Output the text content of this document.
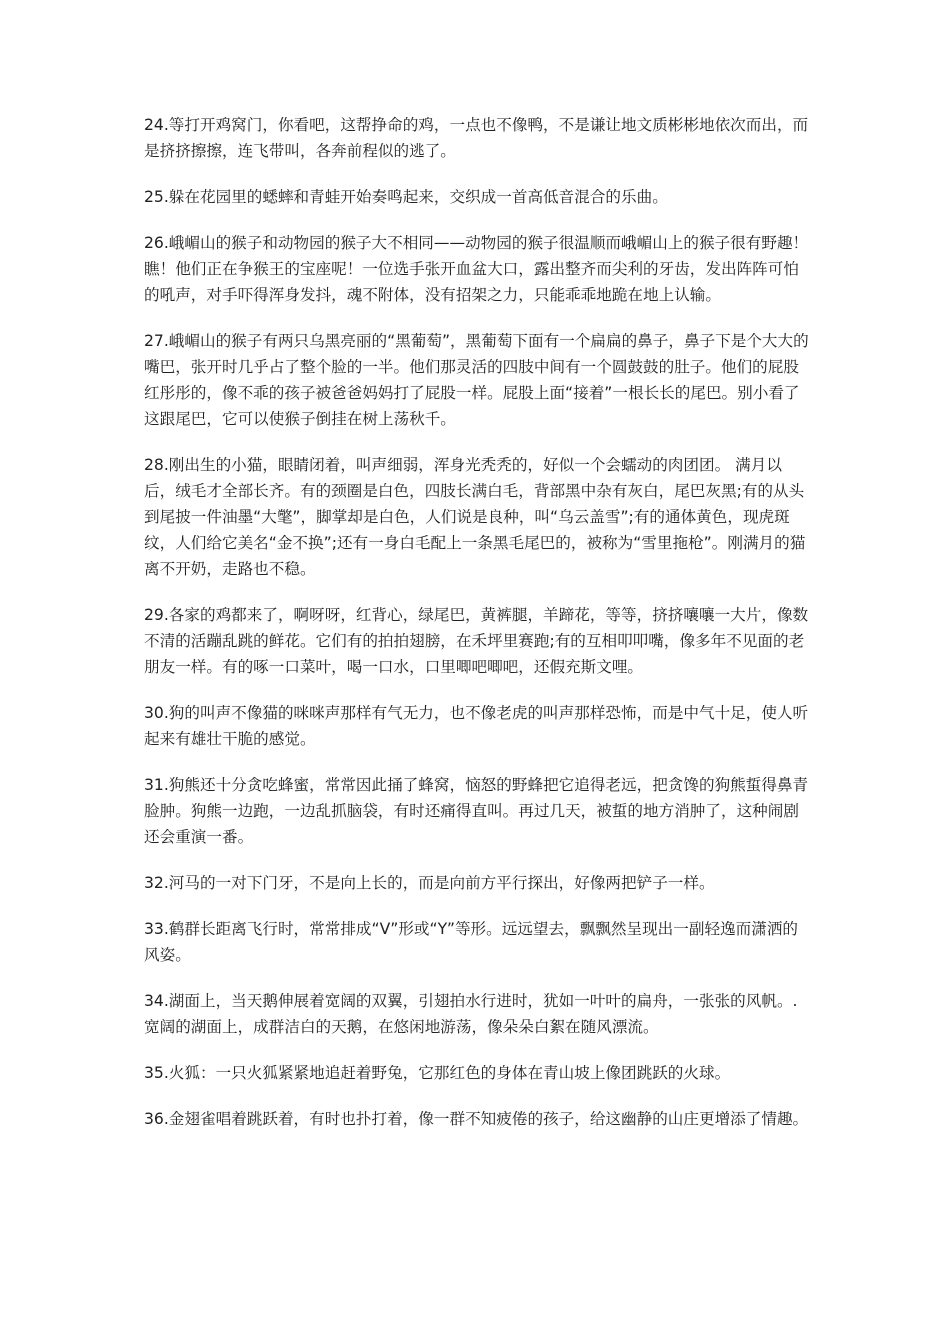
24.等打开鸡窝门，你看吧，这帮挣命的鸡，一点也不像鸭，不是谦让地文质彬彬地依次而出，而是挤挤擦擦，连飞带叫，各奔前程似的逃了。

25.躲在花园里的蟋蟀和青蛙开始奏鸣起来，交织成一首高低音混合的乐曲。

26.峨嵋山的猴子和动物园的猴子大不相同——动物园的猴子很温顺而峨嵋山上的猴子很有野趣！瞧！他们正在争猴王的宝座呢！一位选手张开血盆大口，露出整齐而尖利的牙齿，发出阵阵可怕的吼声，对手吓得浑身发抖，魂不附体，没有招架之力，只能乖乖地跪在地上认输。

27.峨嵋山的猴子有两只乌黑亮丽的“黑葡萄”，黑葡萄下面有一个扁扁的鼻子，鼻子下是个大大的嘴巴，张开时几乎占了整个脸的一半。他们那灵活的四肢中间有一个圆鼓鼓的肚子。他们的屁股红彤彤的，像不乖的孩子被爸爸妈妈打了屁股一样。屁股上面“接着”一根长长的尾巴。别小看了这跟尾巴，它可以使猴子倒挂在树上荡秋千。

28.刚出生的小猫，眼睛闭着，叫声细弱，浑身光秃秃的，好似一个会蠕动的肉团团。 满月以后，绒毛才全部长齐。有的颈圈是白色，四肢长满白毛，背部黑中杂有灰白，尾巴灰黑;有的从头到尾披一件油墨“大氅”，脚掌却是白色，人们说是良种，叫“乌云盖雪”;有的通体黄色，现虎斑纹，人们给它美名“金不换”;还有一身白毛配上一条黑毛尾巴的，被称为“雪里拖枪”。刚满月的猫离不开奶，走路也不稳。

29.各家的鸡都来了，啊呀呀，红背心，绿尾巴，黄裤腿，羊蹄花，等等，挤挤嚷嚷一大片，像数不清的活蹦乱跳的鲜花。它们有的拍拍翅膀，在禾坪里赛跑;有的互相叩叩嘴，像多年不见面的老朋友一样。有的啄一口菜叶，喝一口水，口里唧吧唧吧，还假充斯文哩。

30.狗的叫声不像猫的咪咪声那样有气无力，也不像老虎的叫声那样恐怖，而是中气十足，使人听起来有雄壮干脆的感觉。

31.狗熊还十分贪吃蜂蜜，常常因此捅了蜂窝，恼怒的野蜂把它追得老远，把贪馋的狗熊蜇得鼻青脸肿。狗熊一边跑，一边乱抓脑袋，有时还痛得直叫。再过几天，被蜇的地方消肿了，这种闹剧还会重演一番。

32.河马的一对下门牙，不是向上长的，而是向前方平行探出，好像两把铲子一样。

33.鹤群长距离飞行时，常常排成“V”形或“Y”等形。远远望去，飘飘然呈现出一副轻逸而潇洒的风姿。

34.湖面上，当天鹅伸展着宽阔的双翼，引翅拍水行进时，犹如一叶叶的扁舟，一张张的风帆。.宽阔的湖面上，成群洁白的天鹅，在悠闲地游荡，像朵朵白絮在随风漂流。

35.火狐：一只火狐紧紧地追赶着野兔，它那红色的身体在青山坡上像团跳跃的火球。

36.金翅雀唱着跳跃着，有时也扑打着，像一群不知疲倦的孩子，给这幽静的山庄更增添了情趣。
